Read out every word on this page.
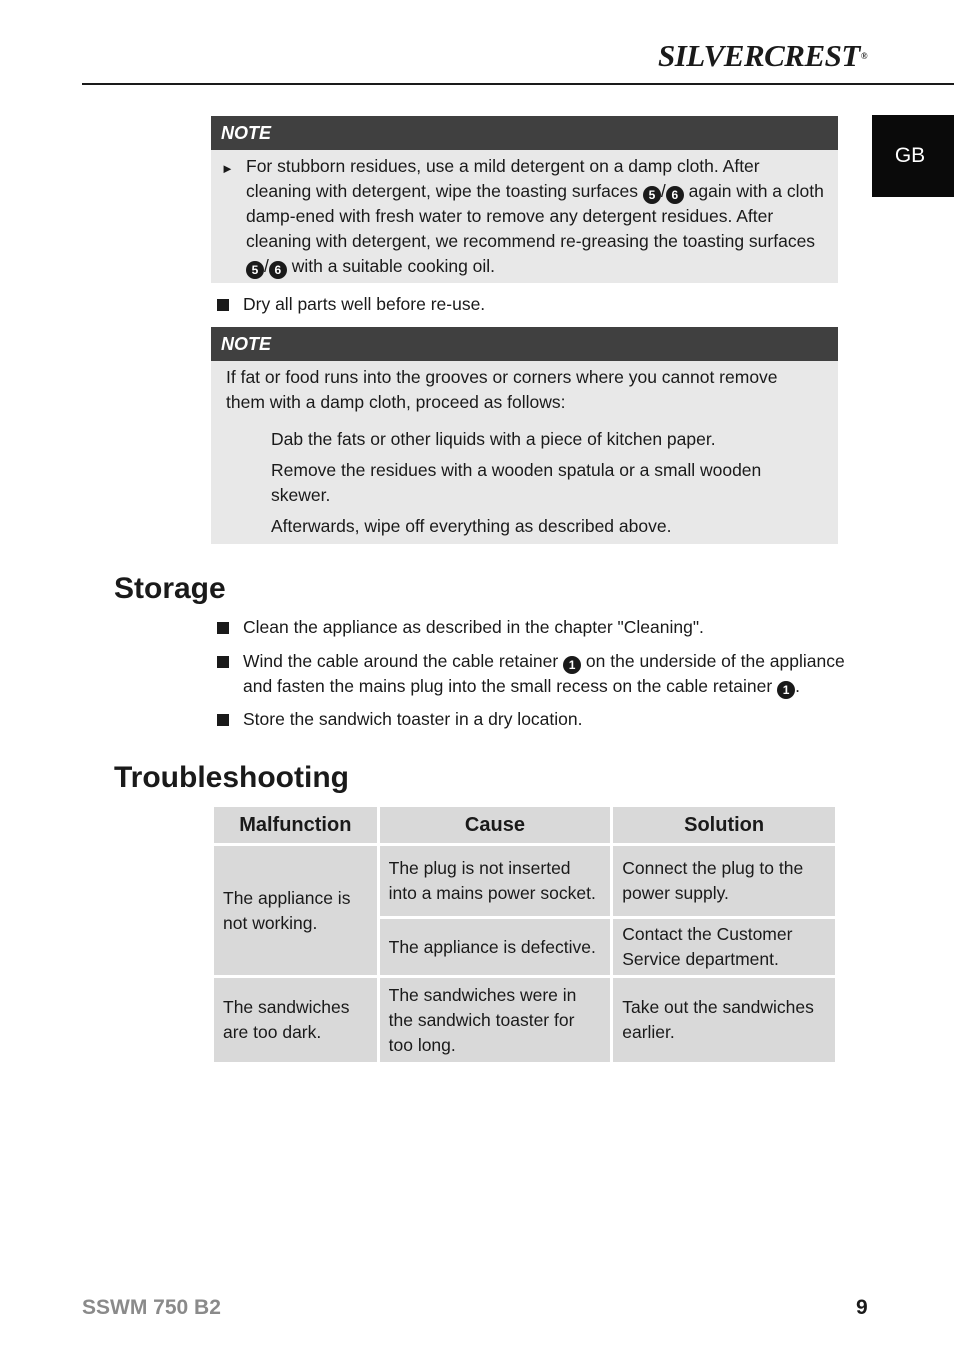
SILVERCREST®
GB
NOTE
► For stubborn residues, use a mild detergent on a damp cloth. After cleaning with detergent, wipe the toasting surfaces 5 / 6 again with a cloth damp-ened with fresh water to remove any detergent residues. After cleaning with detergent, we recommend re-greasing the toasting surfaces 5 / 6 with a suitable cooking oil.
Dry all parts well before re-use.
NOTE
If fat or food runs into the grooves or corners where you cannot remove them with a damp cloth, proceed as follows:
Dab the fats or other liquids with a piece of kitchen paper.
Remove the residues with a wooden spatula or a small wooden skewer.
Afterwards, wipe off everything as described above.
Storage
Clean the appliance as described in the chapter "Cleaning".
Wind the cable around the cable retainer 1 on the underside of the appliance and fasten the mains plug into the small recess on the cable retainer 1 .
Store the sandwich toaster in a dry location.
Troubleshooting
Malfunction	Cause	Solution
The appliance is not working.	The plug is not inserted into a mains power socket.	Connect the plug to the power supply.
	The appliance is defective.	Contact the Customer Service department.
The sandwiches are too dark.	The sandwiches were in the sandwich toaster for too long.	Take out the sandwiches earlier.
SSWM 750 B2	9
